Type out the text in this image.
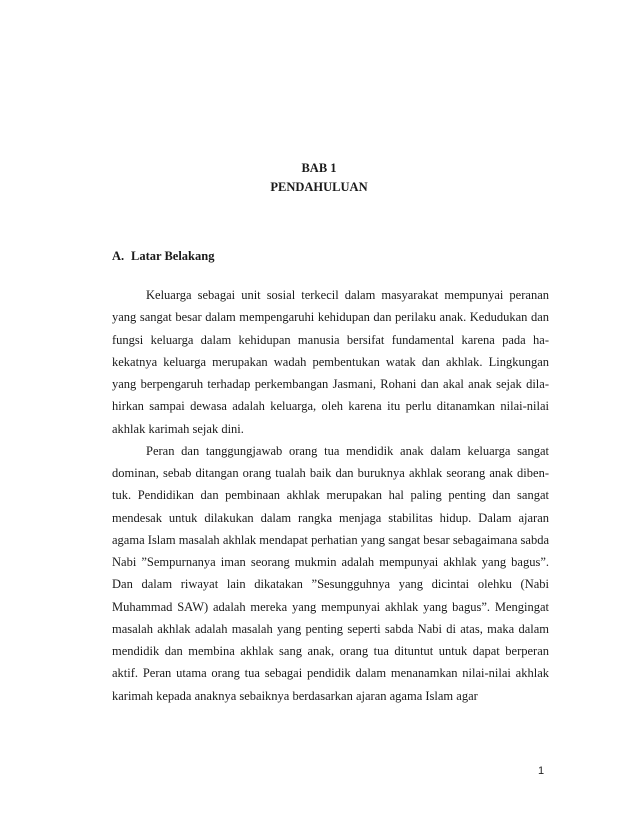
BAB 1
PENDAHULUAN
A. Latar Belakang

Keluarga sebagai unit sosial terkecil dalam masyarakat mempunyai peranan yang sangat besar dalam mempengaruhi kehidupan dan perilaku anak. Kedudukan dan fungsi keluarga dalam kehidupan manusia bersifat fundamental karena pada hakekatnya keluarga merupakan wadah pembentukan watak dan akhlak. Lingkungan yang berpengaruh terhadap perkembangan Jasmani, Rohani dan akal anak sejak dilahirkan sampai dewasa adalah keluarga, oleh karena itu perlu ditanamkan nilai-nilai akhlak karimah sejak dini.

Peran dan tanggungjawab orang tua mendidik anak dalam keluarga sangat dominan, sebab ditangan orang tualah baik dan buruknya akhlak seorang anak dibentuk. Pendidikan dan pembinaan akhlak merupakan hal paling penting dan sangat mendesak untuk dilakukan dalam rangka menjaga stabilitas hidup. Dalam ajaran agama Islam masalah akhlak mendapat perhatian yang sangat besar sebagaimana sabda Nabi ”Sempurnanya iman seorang mukmin adalah mempunyai akhlak yang bagus”. Dan dalam riwayat lain dikatakan ”Sesungguhnya yang dicintai olehku (Nabi Muhammad SAW) adalah mereka yang mempunyai akhlak yang bagus”. Mengingat masalah akhlak adalah masalah yang penting seperti sabda Nabi di atas, maka dalam mendidik dan membina akhlak sang anak, orang tua dituntut untuk dapat berperan aktif. Peran utama orang tua sebagai pendidik dalam menanamkan nilai-nilai akhlak karimah kepada anaknya sebaiknya berdasarkan ajaran agama Islam agar

1
